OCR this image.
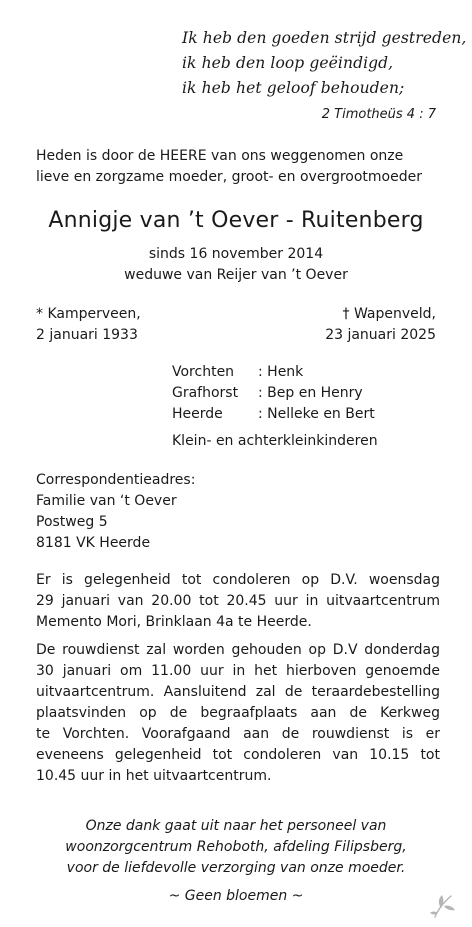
Ik heb den goeden strijd gestreden,
ik heb den loop geëindigd,
ik heb het geloof behouden;
2 Timotheüs 4 : 7
Heden is door de HEERE van ons weggenomen onze
lieve en zorgzame moeder, groot- en overgrootmoeder
Annigje van ’t Oever - Ruitenberg
sinds 16 november 2014
weduwe van Reijer van ’t Oever
* Kamperveen,
2 januari 1933
† Wapenveld,
23 januari 2025
Vorchten	: Henk
Grafhorst	: Bep en Henry
Heerde	: Nelleke en Bert
Klein- en achterkleinkinderen
Correspondentieadres:
Familie van ‘t Oever
Postweg 5
8181 VK Heerde
Er is gelegenheid tot condoleren op D.V. woensdag
29 januari van 20.00 tot 20.45 uur in uitvaartcentrum
Memento Mori, Brinklaan 4a te Heerde.
De rouwdienst zal worden gehouden op D.V donderdag
30 januari om 11.00 uur in het hierboven genoemde
uitvaartcentrum. Aansluitend zal de teraardebestelling
plaatsvinden op de begraafplaats aan de Kerkweg
te Vorchten. Voorafgaand aan de rouwdienst is er
eveneens gelegenheid tot condoleren van 10.15 tot
10.45 uur in het uitvaartcentrum.
Onze dank gaat uit naar het personeel van
woonzorgcentrum Rehoboth, afdeling Filipsberg,
voor de liefdevolle verzorging van onze moeder.
~ Geen bloemen ~
